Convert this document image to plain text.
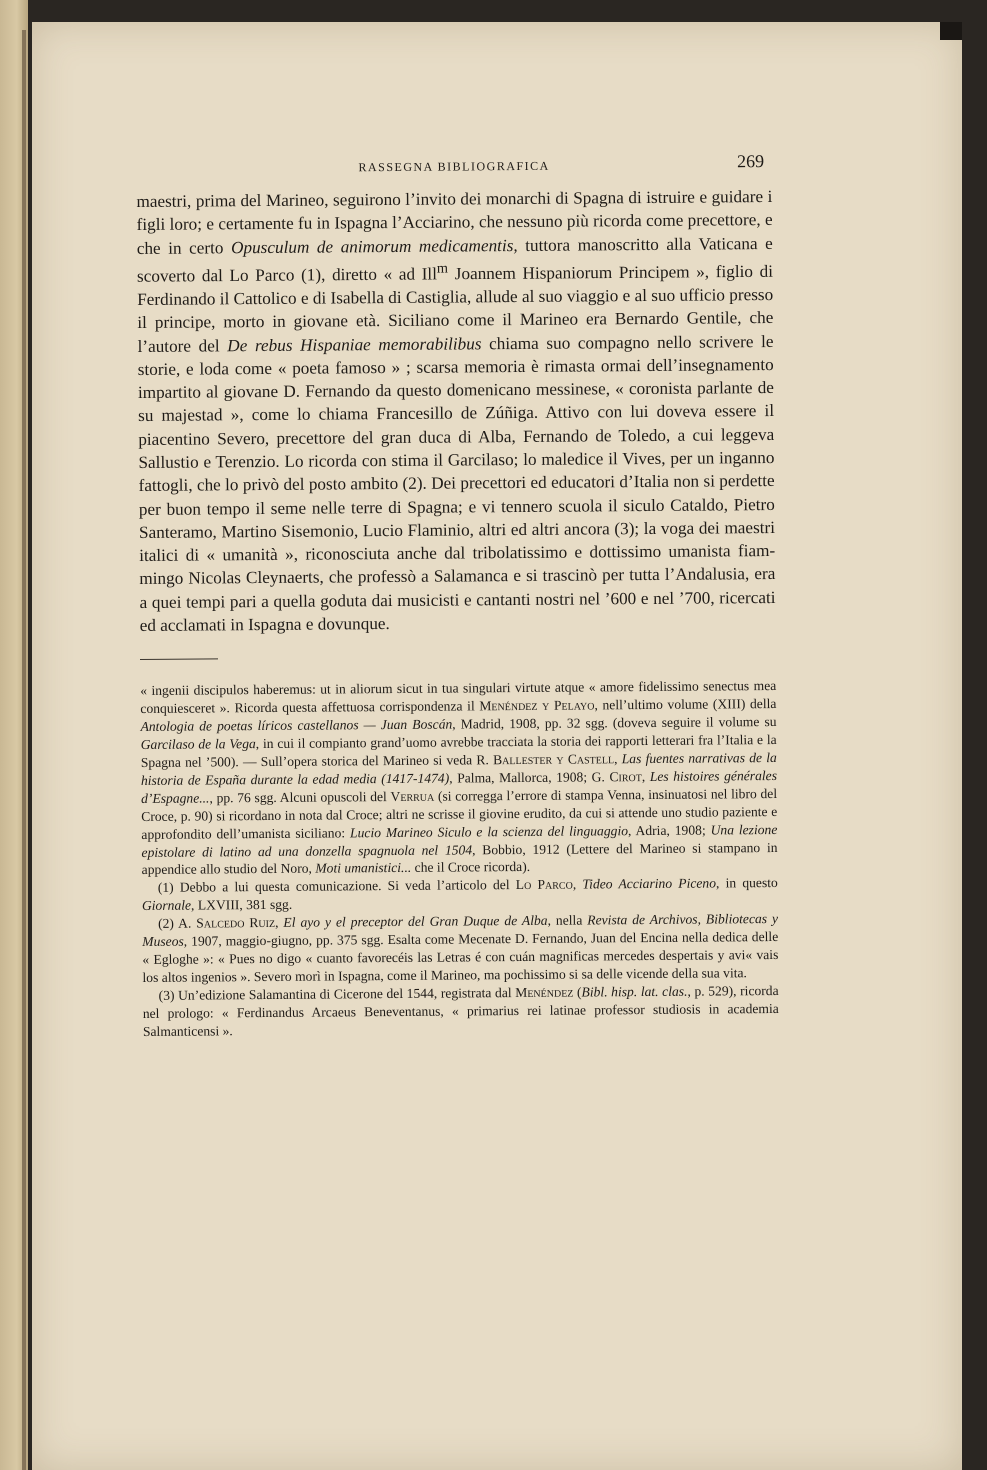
RASSEGNA BIBLIOGRAFICA	269

maestri, prima del Marineo, seguirono l’invito dei monarchi di Spagna di istruire e guidare i figli loro; e certamente fu in Ispagna l’Acciarino, che nessuno più ricorda come precettore, e che in certo Opusculum de animorum medicamentis, tuttora manoscritto alla Vaticana e scoverto dal Lo Parco (1), diretto « ad Ill$^m$ Joannem Hispaniorum Principem », figlio di Ferdinando il Cattolico e di Isabella di Castiglia, allude al suo viaggio e al suo ufficio presso il principe, morto in giovane età. Siciliano come il Marineo era Bernardo Gentile, che l’autore del De rebus Hispaniae memorabilibus chiama suo compagno nello scrivere le storie, e loda come « poeta famoso » ; scarsa memoria è rimasta ormai dell’insegnamento impartito al giovane D. Fernando da questo domenicano messinese, « coronista parlante de su majestad », come lo chiama Francesillo de Zúñiga. Attivo con lui doveva essere il piacentino Severo, precettore del gran duca di Alba, Fernando de Toledo, a cui leggeva Sallustio e Terenzio. Lo ricorda con stima il Garcilaso; lo maledice il Vives, per un inganno fattogli, che lo privò del posto ambito (2). Dei precettori ed educatori d’Italia non si perdette per buon tempo il seme nelle terre di Spagna; e vi tennero scuola il siculo Cataldo, Pietro Santeramo, Martino Sisemonio, Lucio Flaminio, altri ed altri ancora (3); la voga dei maestri italici di « umanità », riconosciuta anche dal tribolatissimo e dottissimo umanista fiammingo Nicolas Cleynaerts, che professò a Salamanca e si trascinò per tutta l’Andalusia, era a quei tempi pari a quella goduta dai musicisti e cantanti nostri nel ’600 e nel ’700, ricercati ed acclamati in Ispagna e dovunque.

« ingenii discipulos haberemus: ut in aliorum sicut in tua singulari virtute atque « amore fidelissimo senectus mea conquiesceret ». Ricorda questa affettuosa corrispondenza il Menéndez y Pelayo, nell’ultimo volume (XIII) della Antologia de poetas líricos castellanos — Juan Boscán, Madrid, 1908, pp. 32 sgg. (doveva seguire il volume su Garcilaso de la Vega, in cui il compianto grand’uomo avrebbe tracciata la storia dei rapporti letterari fra l’Italia e la Spagna nel ’500). — Sull’opera storica del Marineo si veda R. Ballester y Castell, Las fuentes narrativas de la historia de España durante la edad media (1417-1474), Palma, Mallorca, 1908; G. Cirot, Les histoires générales d’Espagne..., pp. 76 sgg. Alcuni opuscoli del Verrua (si corregga l’errore di stampa Venna, insinuatosi nel libro del Croce, p. 90) si ricordano in nota dal Croce; altri ne scrisse il giovine erudito, da cui si attende uno studio paziente e approfondito dell’umanista siciliano: Lucio Marineo Siculo e la scienza del linguaggio, Adria, 1908; Una lezione epistolare di latino ad una donzella spagnuola nel 1504, Bobbio, 1912 (Lettere del Marineo si stampano in appendice allo studio del Noro, Moti umanistici... che il Croce ricorda).

(1) Debbo a lui questa comunicazione. Si veda l’articolo del Lo Parco, Tideo Acciarino Piceno, in questo Giornale, LXVIII, 381 sgg.

(2) A. Salcedo Ruiz, El ayo y el preceptor del Gran Duque de Alba, nella Revista de Archivos, Bibliotecas y Museos, 1907, maggio-giugno, pp. 375 sgg. Esalta come Mecenate D. Fernando, Juan del Encina nella dedica delle « Egloghe »: « Pues no digo « cuanto favorecéis las Letras é con cuán magnificas mercedes despertais y avi« vais los altos ingenios ». Severo morì in Ispagna, come il Marineo, ma pochissimo si sa delle vicende della sua vita.

(3) Un’edizione Salamantina di Cicerone del 1544, registrata dal Menéndez (Bibl. hisp. lat. clas., p. 529), ricorda nel prologo: « Ferdinandus Arcaeus Beneventanus, « primarius rei latinae professor studiosis in academia Salmanticensi ».
